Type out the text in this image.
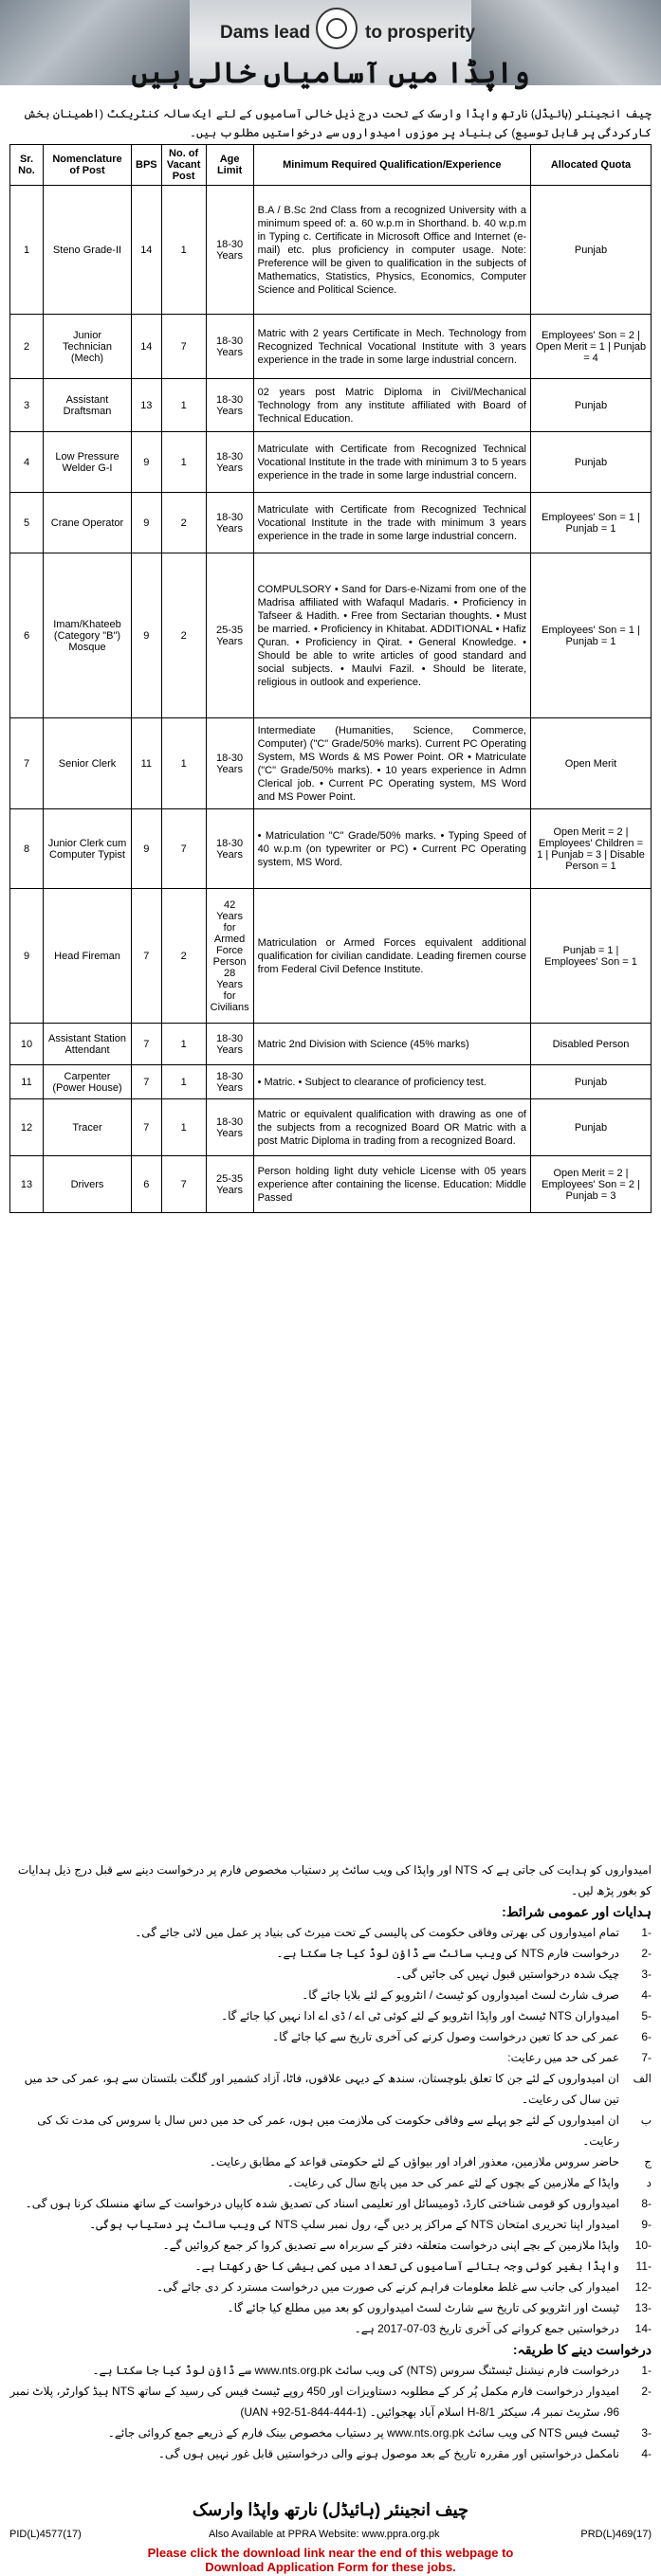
Dams lead	to prosperity
واپڈا میں آسامیاں خالی ہیں
چیف انجینئر (ہائیڈل) نارتھ واپڈا وارسک کے تحت درج ذیل خالی آسامیوں کے لئے ایک سالہ کنٹریکٹ (اطمینان بخش کارکردگی پر قابل توسیع) کی بنیاد پر موزوں امیدواروں سے درخواستیں مطلوب ہیں۔
Sr. No.	Nomenclature of Post	BPS	No. of Vacant Post	Age Limit	Minimum Required Qualification/Experience	Allocated Quota
1	Steno Grade-II	14	1	18-30 Years	B.A / B.Sc 2nd Class from a recognized University with a minimum speed of: a. 60 w.p.m in Shorthand. b. 40 w.p.m in Typing c. Certificate in Microsoft Office and Internet (e-mail) etc. plus proficiency in computer usage. Note: Preference will be given to qualification in the subjects of Mathematics, Statistics, Physics, Economics, Computer Science and Political Science.	Punjab
2	Junior Technician (Mech)	14	7	18-30 Years	Matric with 2 years Certificate in Mech. Technology from Recognized Technical Vocational Institute with 3 years experience in the trade in some large industrial concern.	Employees' Son = 2 | Open Merit = 1 | Punjab = 4
3	Assistant Draftsman	13	1	18-30 Years	02 years post Matric Diploma in Civil/Mechanical Technology from any institute affiliated with Board of Technical Education.	Punjab
4	Low Pressure Welder G-I	9	1	18-30 Years	Matriculate with Certificate from Recognized Technical Vocational Institute in the trade with minimum 3 to 5 years experience in the trade in some large industrial concern.	Punjab
5	Crane Operator	9	2	18-30 Years	Matriculate with Certificate from Recognized Technical Vocational Institute in the trade with minimum 3 years experience in the trade in some large industrial concern.	Employees' Son = 1 | Punjab = 1
6	Imam/Khateeb (Category "B") Mosque	9	2	25-35 Years	COMPULSORY • Sand for Dars-e-Nizami from one of the Madrisa affiliated with Wafaqul Madaris. • Proficiency in Tafseer & Hadith. • Free from Sectarian thoughts. • Must be married. • Proficiency in Khitabat. ADDITIONAL • Hafiz Quran. • Proficiency in Qirat. • General Knowledge. • Should be able to write articles of good standard and social subjects. • Maulvi Fazil. • Should be literate, religious in outlook and experience.	Employees' Son = 1 | Punjab = 1
7	Senior Clerk	11	1	18-30 Years	Intermediate (Humanities, Science, Commerce, Computer) ("C" Grade/50% marks). Current PC Operating System, MS Words & MS Power Point. OR • Matriculate ("C" Grade/50% marks). • 10 years experience in Admn Clerical job. • Current PC Operating system, MS Word and MS Power Point.	Open Merit
8	Junior Clerk cum Computer Typist	9	7	18-30 Years	• Matriculation "C" Grade/50% marks. • Typing Speed of 40 w.p.m (on typewriter or PC) • Current PC Operating system, MS Word.	Open Merit = 2 | Employees' Children = 1 | Punjab = 3 | Disable Person = 1
9	Head Fireman	7	2	42 Years for Armed Force Person 28 Years for Civilians	Matriculation or Armed Forces equivalent additional qualification for civilian candidate. Leading firemen course from Federal Civil Defence Institute.	Punjab = 1 | Employees' Son = 1
10	Assistant Station Attendant	7	1	18-30 Years	Matric 2nd Division with Science (45% marks)	Disabled Person
11	Carpenter (Power House)	7	1	18-30 Years	• Matric. • Subject to clearance of proficiency test.	Punjab
12	Tracer	7	1	18-30 Years	Matric or equivalent qualification with drawing as one of the subjects from a recognized Board OR Matric with a post Matric Diploma in trading from a recognized Board.	Punjab
13	Drivers	6	7	25-35 Years	Person holding light duty vehicle License with 05 years experience after containing the license. Education: Middle Passed	Open Merit = 2 | Employees' Son = 2 | Punjab = 3
امیدواروں کو ہدایت کی جاتی ہے کہ NTS اور واپڈا کی ویب سائٹ پر دستیاب مخصوص فارم پر درخواست دینے سے قبل درج ذیل ہدایات کو بغور پڑھ لیں۔
ہدایات اور عمومی شرائط:
-1
تمام امیدواروں کی بھرتی وفاقی حکومت کی پالیسی کے تحت میرٹ کی بنیاد پر عمل میں لائی جائے گی۔
-2
درخواست فارم NTS کی ویب سائٹ سے ڈاؤن لوڈ کیا جا سکتا ہے۔
-3
چیک شدہ درخواستیں قبول نہیں کی جائیں گی۔
-4
صرف شارٹ لسٹ امیدواروں کو ٹیسٹ / انٹرویو کے لئے بلایا جائے گا۔
-5
امیدواران NTS ٹیسٹ اور واپڈا انٹرویو کے لئے کوئی ٹی اے / ڈی اے ادا نہیں کیا جائے گا۔
-6
عمر کی حد کا تعین درخواست وصول کرنے کی آخری تاریخ سے کیا جائے گا۔
-7
عمر کی حد میں رعایت:
الف
ان امیدواروں کے لئے جن کا تعلق بلوچستان، سندھ کے دیہی علاقوں، فاٹا، آزاد کشمیر اور گلگت بلتستان سے ہو، عمر کی حد میں تین سال کی رعایت۔
ب
ان امیدواروں کے لئے جو پہلے سے وفاقی حکومت کی ملازمت میں ہوں، عمر کی حد میں دس سال یا سروس کی مدت تک کی رعایت۔
ج
حاضر سروس ملازمین، معذور افراد اور بیواؤں کے لئے حکومتی قواعد کے مطابق رعایت۔
د
واپڈا کے ملازمین کے بچوں کے لئے عمر کی حد میں پانچ سال کی رعایت۔
-8
امیدواروں کو قومی شناختی کارڈ، ڈومیسائل اور تعلیمی اسناد کی تصدیق شدہ کاپیاں درخواست کے ساتھ منسلک کرنا ہوں گی۔
-9
امیدوار اپنا تحریری امتحان NTS کے مراکز پر دیں گے، رول نمبر سلپ NTS کی ویب سائٹ پر دستیاب ہوگی۔
-10
واپڈا ملازمین کے بچے اپنی درخواست متعلقہ دفتر کے سربراہ سے تصدیق کروا کر جمع کروائیں گے۔
-11
واپڈا بغیر کوئی وجہ بتائے آسامیوں کی تعداد میں کمی بیشی کا حق رکھتا ہے۔
-12
امیدوار کی جانب سے غلط معلومات فراہم کرنے کی صورت میں درخواست مسترد کر دی جائے گی۔
-13
ٹیسٹ اور انٹرویو کی تاریخ سے شارٹ لسٹ امیدواروں کو بعد میں مطلع کیا جائے گا۔
-14
درخواستیں جمع کروانے کی آخری تاریخ 03-07-2017 ہے۔
درخواست دینے کا طریقہ:
-1
درخواست فارم نیشنل ٹیسٹنگ سروس (NTS) کی ویب سائٹ www.nts.org.pk سے ڈاؤن لوڈ کیا جا سکتا ہے۔
-2
امیدوار درخواست فارم مکمل پُر کر کے مطلوبہ دستاویزات اور 450 روپے ٹیسٹ فیس کی رسید کے ساتھ NTS ہیڈ کوارٹر، پلاٹ نمبر 96، سٹریٹ نمبر 4، سیکٹر H-8/1 اسلام آباد بھجوائیں۔ (UAN +92-51-844-444-1)
-3
ٹیسٹ فیس NTS کی ویب سائٹ www.nts.org.pk پر دستیاب مخصوص بینک فارم کے ذریعے جمع کروائی جائے۔
-4
نامکمل درخواستیں اور مقررہ تاریخ کے بعد موصول ہونے والی درخواستیں قابل غور نہیں ہوں گی۔
چیف انجینئر (ہائیڈل) نارتھ واپڈا وارسک
PID(L)4577(17)	Also Available at PPRA Website: www.ppra.org.pk	PRD(L)469(17)
Please click the download link near the end of this webpage to
Download Application Form for these jobs.
